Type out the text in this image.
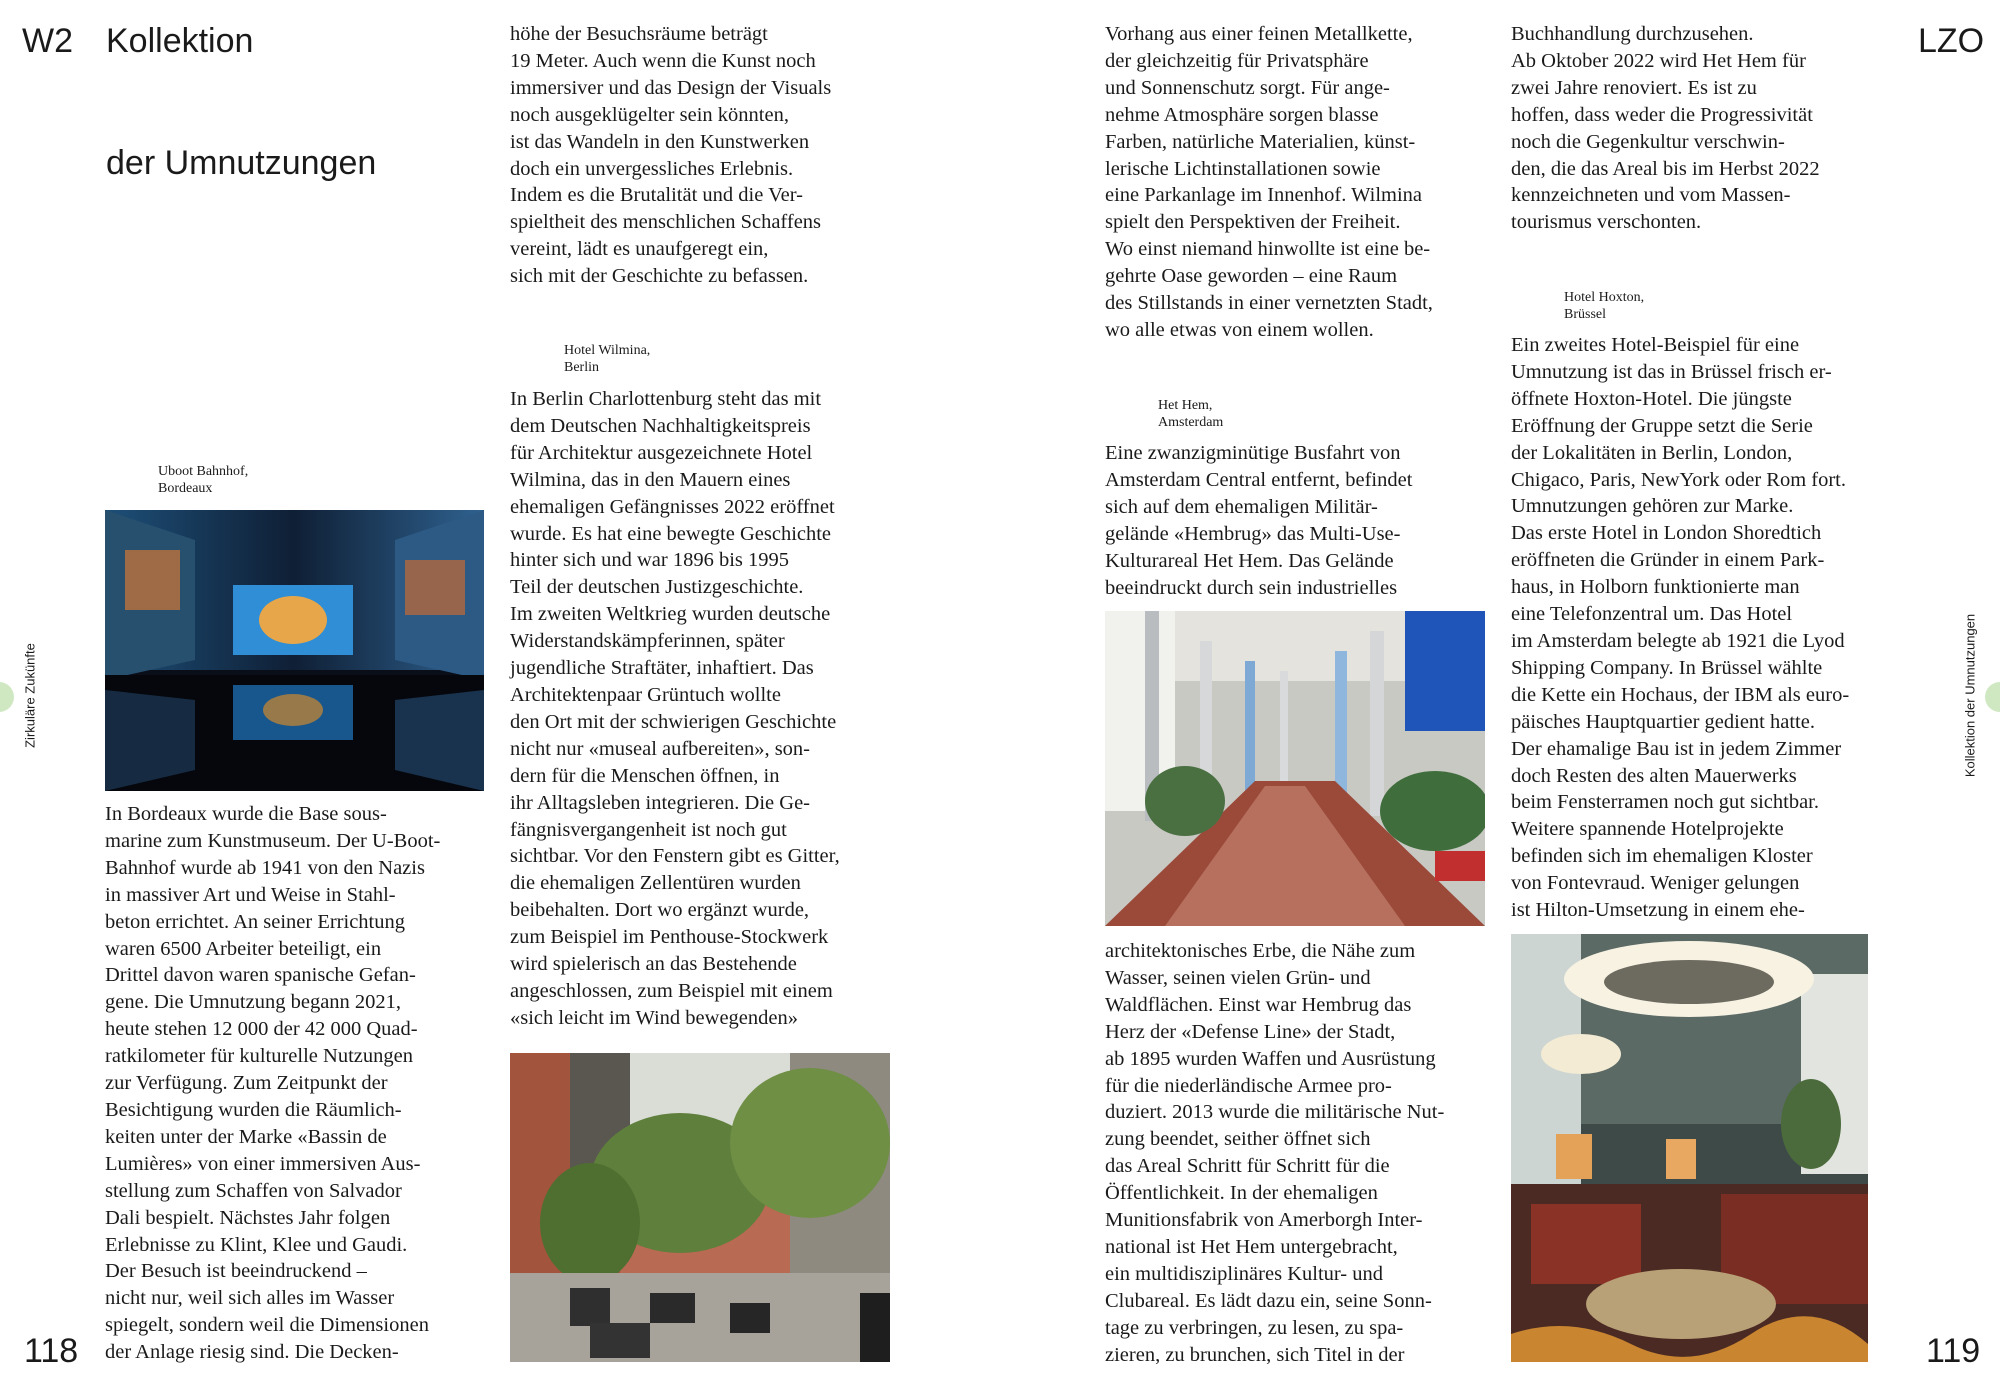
W2 Kollektion
der Umnutzungen
Zirkuläre Zukünfte
118

Uboot Bahnhof,
Bordeaux

In Bordeaux wurde die Base sous-
marine zum Kunstmuseum. Der U-Boot-
Bahnhof wurde ab 1941 von den Nazis
in massiver Art und Weise in Stahl-
beton errichtet. An seiner Errichtung
waren 6500 Arbeiter beteiligt, ein
Drittel davon waren spanische Gefan-
gene. Die Umnutzung begann 2021,
heute stehen 12 000 der 42 000 Quad-
ratkilometer für kulturelle Nutzungen
zur Verfügung. Zum Zeitpunkt der
Besichtigung wurden die Räumlich-
keiten unter der Marke «Bassin de
Lumières» von einer immersiven Aus-
stellung zum Schaffen von Salvador
Dali bespielt. Nächstes Jahr folgen
Erlebnisse zu Klint, Klee und Gaudi.
Der Besuch ist beeindruckend –
nicht nur, weil sich alles im Wasser
spiegelt, sondern weil die Dimensionen
der Anlage riesig sind. Die Decken-

höhe der Besuchsräume beträgt
19 Meter. Auch wenn die Kunst noch
immersiver und das Design der Visuals
noch ausgeklügelter sein könnten,
ist das Wandeln in den Kunstwerken
doch ein unvergessliches Erlebnis.
Indem es die Brutalität und die Ver-
spieltheit des menschlichen Schaffens
vereint, lädt es unaufgeregt ein,
sich mit der Geschichte zu befassen.

Hotel Wilmina,
Berlin

In Berlin Charlottenburg steht das mit
dem Deutschen Nachhaltigkeitspreis
für Architektur ausgezeichnete Hotel
Wilmina, das in den Mauern eines
ehemaligen Gefängnisses 2022 eröffnet
wurde. Es hat eine bewegte Geschichte
hinter sich und war 1896 bis 1995
Teil der deutschen Justizgeschichte.
Im zweiten Weltkrieg wurden deutsche
Widerstandskämpferinnen, später
jugendliche Straftäter, inhaftiert. Das
Architektenpaar Grüntuch wollte
den Ort mit der schwierigen Geschichte
nicht nur «museal aufbereiten», son-
dern für die Menschen öffnen, in
ihr Alltagsleben integrieren. Die Ge-
fängnisvergangenheit ist noch gut
sichtbar. Vor den Fenstern gibt es Gitter,
die ehemaligen Zellentüren wurden
beibehalten. Dort wo ergänzt wurde,
zum Beispiel im Penthouse-Stockwerk
wird spielerisch an das Bestehende
angeschlossen, zum Beispiel mit einem
«sich leicht im Wind bewegenden»

LZO
119
Kollektion der Umnutzungen

Vorhang aus einer feinen Metallkette,
der gleichzeitig für Privatsphäre
und Sonnenschutz sorgt. Für ange-
nehme Atmosphäre sorgen blasse
Farben, natürliche Materialien, künst-
lerische Lichtinstallationen sowie
eine Parkanlage im Innenhof. Wilmina
spielt den Perspektiven der Freiheit.
Wo einst niemand hinwollte ist eine be-
gehrte Oase geworden – eine Raum
des Stillstands in einer vernetzten Stadt,
wo alle etwas von einem wollen.

Het Hem,
Amsterdam

Eine zwanzigminütige Busfahrt von
Amsterdam Central entfernt, befindet
sich auf dem ehemaligen Militär-
gelände «Hembrug» das Multi-Use-
Kulturareal Het Hem. Das Gelände
beeindruckt durch sein industrielles

architektonisches Erbe, die Nähe zum
Wasser, seinen vielen Grün- und
Waldflächen. Einst war Hembrug das
Herz der «Defense Line» der Stadt,
ab 1895 wurden Waffen und Ausrüstung
für die niederländische Armee pro-
duziert. 2013 wurde die militärische Nut-
zung beendet, seither öffnet sich
das Areal Schritt für Schritt für die
Öffentlichkeit. In der ehemaligen
Munitionsfabrik von Amerborgh Inter-
national ist Het Hem untergebracht,
ein multidisziplinäres Kultur- und
Clubareal. Es lädt dazu ein, seine Sonn-
tage zu verbringen, zu lesen, zu spa-
zieren, zu brunchen, sich Titel in der

Buchhandlung durchzusehen.
Ab Oktober 2022 wird Het Hem für
zwei Jahre renoviert. Es ist zu
hoffen, dass weder die Progressivität
noch die Gegenkultur verschwin-
den, die das Areal bis im Herbst 2022
kennzeichneten und vom Massen-
tourismus verschonten.

Hotel Hoxton,
Brüssel

Ein zweites Hotel-Beispiel für eine
Umnutzung ist das in Brüssel frisch er-
öffnete Hoxton-Hotel. Die jüngste
Eröffnung der Gruppe setzt die Serie
der Lokalitäten in Berlin, London,
Chigaco, Paris, NewYork oder Rom fort.
Umnutzungen gehören zur Marke.
Das erste Hotel in London Shoredtich
eröffneten die Gründer in einem Park-
haus, in Holborn funktionierte man
eine Telefonzentral um. Das Hotel
im Amsterdam belegte ab 1921 die Lyod
Shipping Company. In Brüssel wählte
die Kette ein Hochaus, der IBM als euro-
päisches Hauptquartier gedient hatte.
Der ehamalige Bau ist in jedem Zimmer
doch Resten des alten Mauerwerks
beim Fensterramen noch gut sichtbar.
Weitere spannende Hotelprojekte
befinden sich im ehemaligen Kloster
von Fontevraud. Weniger gelungen
ist Hilton-Umsetzung in einem ehe-
